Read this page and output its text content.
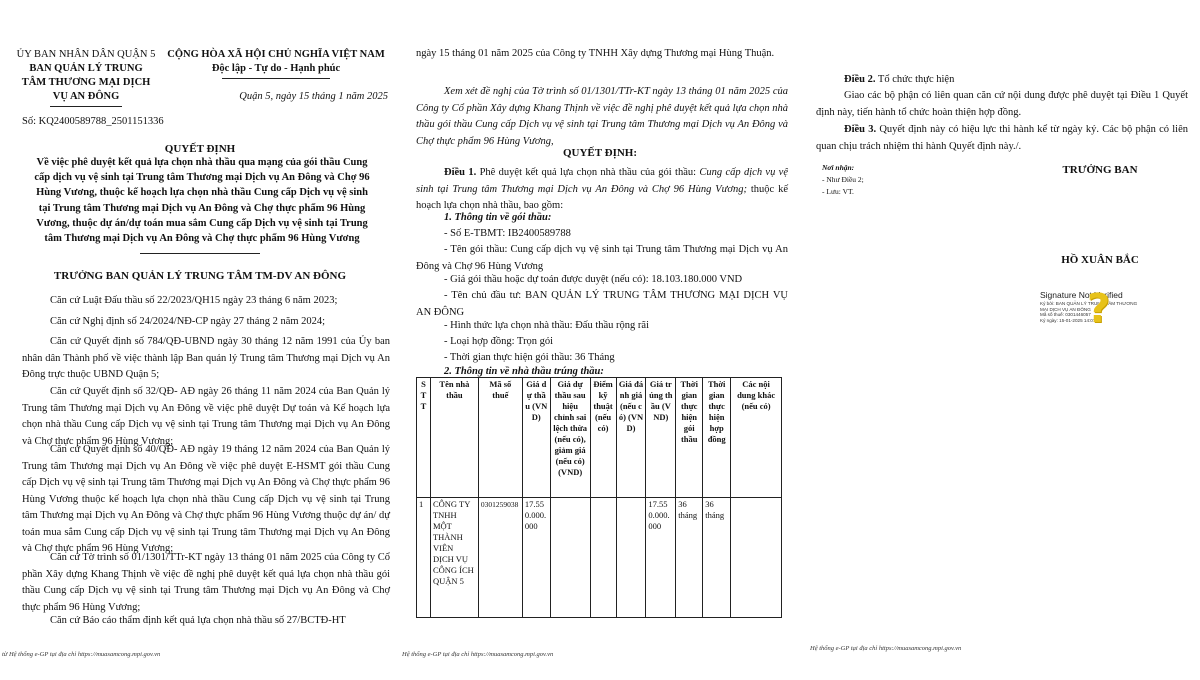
ỦY BAN NHÂN DÂN QUẬN 5
BAN QUẢN LÝ TRUNG
TÂM THƯƠNG MẠI DỊCH
VỤ AN ĐÔNG
CỘNG HÒA XÃ HỘI CHỦ NGHĨA VIỆT NAM
Độc lập - Tự do - Hạnh phúc
Quận 5, ngày 15 tháng 1 năm 2025
Số: KQ2400589788_2501151336
QUYẾT ĐỊNH
Về việc phê duyệt kết quả lựa chọn nhà thầu qua mạng của gói thầu Cung
cấp dịch vụ vệ sinh tại Trung tâm Thương mại Dịch vụ An Đông và Chợ 96
Hùng Vương, thuộc kế hoạch lựa chọn nhà thầu Cung cấp Dịch vụ vệ sinh
tại Trung tâm Thương mại Dịch vụ An Đông và Chợ thực phẩm 96 Hùng
Vương, thuộc dự án/dự toán mua sắm Cung cấp Dịch vụ vệ sinh tại Trung
tâm Thương mại Dịch vụ An Đông và Chợ thực phẩm 96 Hùng Vương
TRƯỞNG BAN QUẢN LÝ TRUNG TÂM TM-DV AN ĐÔNG
Căn cứ Luật Đấu thầu số 22/2023/QH15 ngày 23 tháng 6 năm 2023;
Căn cứ Nghị định số 24/2024/NĐ-CP ngày 27 tháng 2 năm 2024;
Căn cứ Quyết định số 784/QĐ-UBND ngày 30 tháng 12 năm 1991 của Ủy ban nhân dân Thành phố về việc thành lập Ban quản lý Trung tâm Thương mại Dịch vụ An Đông trực thuộc UBND Quận 5;
Căn cứ Quyết định số 32/QĐ- AĐ ngày 26 tháng 11 năm 2024 của Ban Quản lý Trung tâm Thương mại Dịch vụ An Đông về việc phê duyệt Dự toán và Kế hoạch lựa chọn nhà thầu Cung cấp Dịch vụ vệ sinh tại Trung tâm Thương mại Dịch vụ An Đông và Chợ thực phẩm 96 Hùng Vương;
Căn cứ Quyết định số 40/QĐ- AĐ ngày 19 tháng 12 năm 2024 của Ban Quản lý Trung tâm Thương mại Dịch vụ An Đông về việc phê duyệt E-HSMT gói thầu Cung cấp Dịch vụ vệ sinh tại Trung tâm Thương mại Dịch vụ An Đông và Chợ thực phẩm 96 Hùng Vương thuộc kế hoạch lựa chọn nhà thầu Cung cấp Dịch vụ vệ sinh tại Trung tâm Thương mại Dịch vụ An Đông và Chợ thực phẩm 96 Hùng Vương thuộc dự án/ dự toán mua sắm Cung cấp Dịch vụ vệ sinh tại Trung tâm Thương mại Dịch vụ An Đông và Chợ thực phẩm 96 Hùng Vương;
Căn cứ Tờ trình số 01/1301/TTr-KT ngày 13 tháng 01 năm 2025 của Công ty Cổ phần Xây dựng Khang Thịnh về việc đề nghị phê duyệt kết quả lựa chọn nhà thầu gói thầu Cung cấp Dịch vụ vệ sinh tại Trung tâm Thương mại Dịch vụ An Đông và Chợ thực phẩm 96 Hùng Vương;
Căn cứ Báo cáo thẩm định kết quả lựa chọn nhà thầu số 27/BCTĐ-HT
từ Hệ thống e-GP tại địa chỉ https://muasamcong.mpi.gov.vn
ngày 15 tháng 01 năm 2025 của Công ty TNHH Xây dựng Thương mại Hùng Thuận.
Xem xét đề nghị của Tờ trình số 01/1301/TTr-KT ngày 13 tháng 01 năm 2025 của Công ty Cổ phần Xây dựng Khang Thịnh về việc đề nghị phê duyệt kết quả lựa chọn nhà thầu gói thầu Cung cấp Dịch vụ vệ sinh tại Trung tâm Thương mại Dịch vụ An Đông và Chợ thực phẩm 96 Hùng Vương,
QUYẾT ĐỊNH:
Điều 1. Phê duyệt kết quả lựa chọn nhà thầu của gói thầu: Cung cấp dịch vụ vệ sinh tại Trung tâm Thương mại Dịch vụ An Đông và Chợ 96 Hùng Vương; thuộc kế hoạch lựa chọn nhà thầu, bao gồm:
1. Thông tin về gói thầu:
- Số E-TBMT: IB2400589788
- Tên gói thầu: Cung cấp dịch vụ vệ sinh tại Trung tâm Thương mại Dịch vụ An Đông và Chợ 96 Hùng Vương
- Giá gói thầu hoặc dự toán được duyệt (nếu có): 18.103.180.000 VND
- Tên chủ đầu tư: BAN QUẢN LÝ TRUNG TÂM THƯƠNG MẠI DỊCH VỤ AN ĐÔNG
- Hình thức lựa chọn nhà thầu: Đấu thầu rộng rãi
- Loại hợp đồng: Trọn gói
- Thời gian thực hiện gói thầu: 36 Tháng
2. Thông tin về nhà thầu trúng thầu:
STT	Tên nhà thầu	Mã số thuế	Giá dự thầu (VND)	Giá dự thầu sau hiệu chỉnh sai lệch thừa (nếu có), giảm giá (nếu có) (VND)	Điểm kỹ thuật (nếu có)	Giá đánh giá (nếu có) (VND)	Giá trúng thầu (VND)	Thời gian thực hiện gói thầu	Thời gian thực hiện hợp đồng	Các nội dung khác (nếu có)
1	CÔNG TY TNHH MỘT THÀNH VIÊN DỊCH VỤ CÔNG ÍCH QUẬN 5	0301259038	17.550.000.000				17.550.000.000	36 tháng	36 tháng	
Hệ thống e-GP tại địa chỉ https://muasamcong.mpi.gov.vn
Điều 2. Tổ chức thực hiện
Giao các bộ phận có liên quan căn cứ nội dung được phê duyệt tại Điều 1 Quyết định này, tiến hành tổ chức hoàn thiện hợp đồng.
Điều 3. Quyết định này có hiệu lực thi hành kể từ ngày ký. Các bộ phận có liên quan chịu trách nhiệm thi hành Quyết định này./.
Nơi nhận:
- Như Điều 2;
- Lưu: VT.
TRƯỞNG BAN
HỒ XUÂN BẮC
Signature Not Verified
Ký bởi: BAN QUẢN LÝ TRUNG TÂM THƯƠNG
MẠI DỊCH VỤ AN ĐÔNG
Mã số thuế: 0301446057
Ký ngày: 15-01-2025 14:07:34
?
Hệ thống e-GP tại địa chỉ https://muasamcong.mpi.gov.vn
